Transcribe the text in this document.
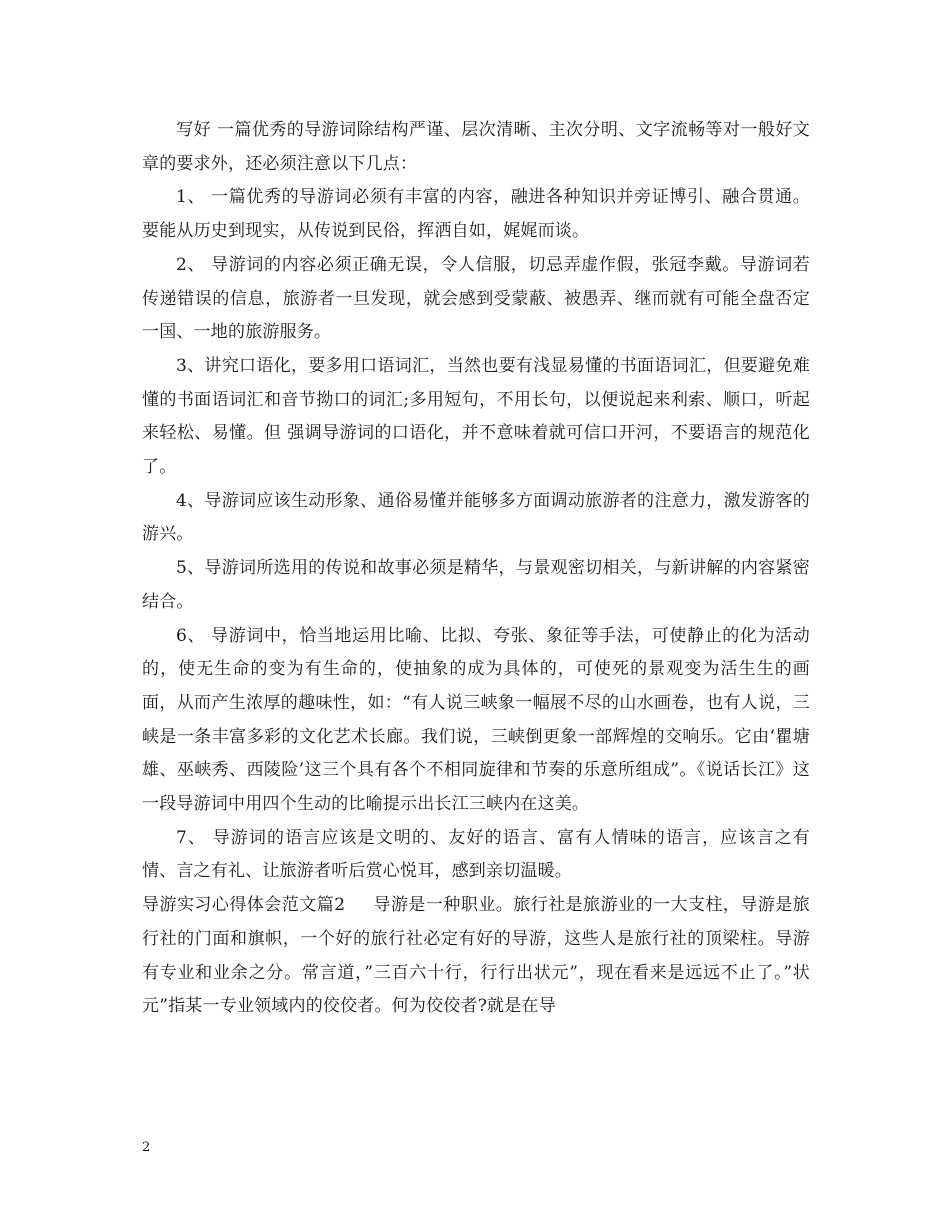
写好 一篇优秀的导游词除结构严谨、层次清晰、主次分明、文字流畅等对一般好文章的要求外，还必须注意以下几点：

1、 一篇优秀的导游词必须有丰富的内容，融进各种知识并旁证博引、融合贯通。要能从历史到现实，从传说到民俗，挥洒自如，娓娓而谈。

2、 导游词的内容必须正确无误，令人信服，切忌弄虚作假，张冠李戴。导游词若传递错误的信息，旅游者一旦发现，就会感到受蒙蔽、被愚弄、继而就有可能全盘否定一国、一地的旅游服务。

3、讲究口语化，要多用口语词汇，当然也要有浅显易懂的书面语词汇，但要避免难懂的书面语词汇和音节拗口的词汇;多用短句，不用长句，以便说起来利索、顺口，听起来轻松、易懂。但 强调导游词的口语化，并不意味着就可信口开河，不要语言的规范化了。

4、导游词应该生动形象、通俗易懂并能够多方面调动旅游者的注意力，激发游客的游兴。

5、导游词所选用的传说和故事必须是精华，与景观密切相关，与新讲解的内容紧密结合。

6、 导游词中，恰当地运用比喻、比拟、夸张、象征等手法，可使静止的化为活动的，使无生命的变为有生命的，使抽象的成为具体的，可使死的景观变为活生生的画面，从而产生浓厚的趣味性，如：“有人说三峡象一幅展不尽的山水画卷，也有人说，三峡是一条丰富多彩的文化艺术长廊。我们说，三峡倒更象一部辉煌的交响乐。它由‘瞿塘雄、巫峡秀、西陵险’这三个具有各个不相同旋律和节奏的乐意所组成”。《说话长江》这一段导游词中用四个生动的比喻提示出长江三峡内在这美。

7、 导游词的语言应该是文明的、友好的语言、富有人情味的语言，应该言之有情、言之有礼、让旅游者听后赏心悦耳，感到亲切温暖。

导游实习心得体会范文篇2 导游是一种职业。旅行社是旅游业的一大支柱，导游是旅行社的门面和旗帜，一个好的旅行社必定有好的导游，这些人是旅行社的顶梁柱。导游有专业和业余之分。常言道，”三百六十行，行行出状元”，现在看来是远远不止了。”状元”指某一专业领域内的佼佼者。何为佼佼者?就是在导

2
